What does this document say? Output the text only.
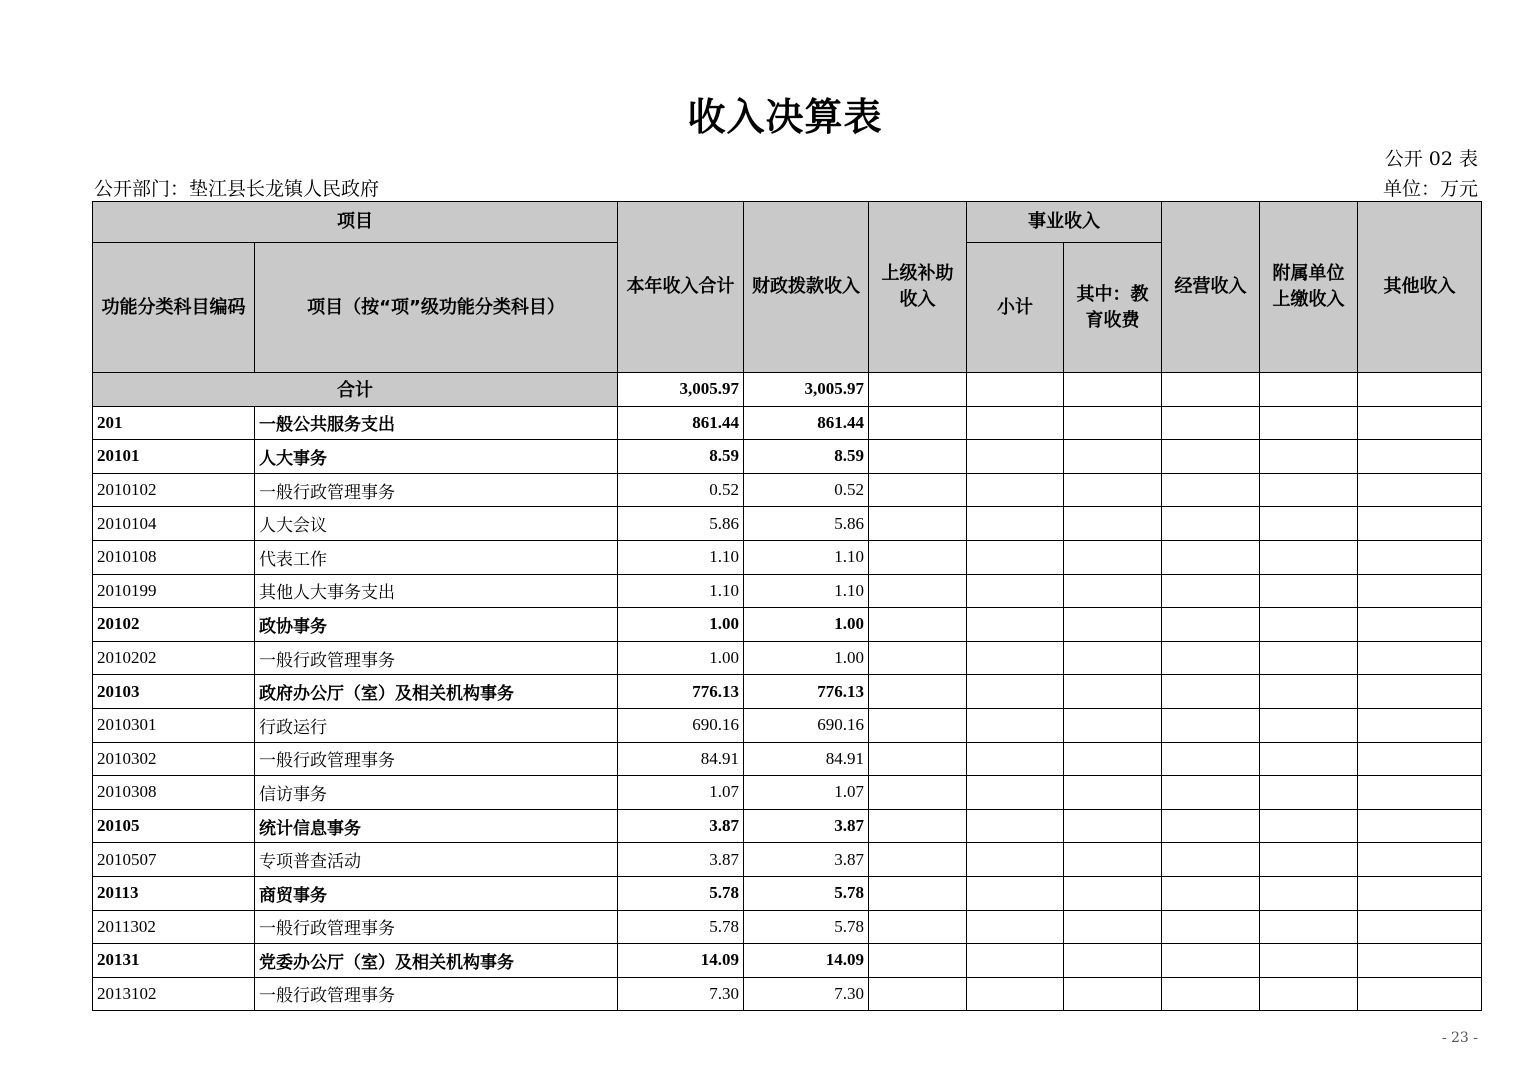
收入决算表
公开 02 表
公开部门：垫江县长龙镇人民政府	单位：万元
项目		本年收入合计	财政拨款收入	上级补助收入	事业收入		经营收入	附属单位上缴收入	其他收入
功能分类科目编码	项目（按“项”级功能分类科目）				小计	其中：教育收费			
合计		3,005.97	3,005.97						
201	一般公共服务支出	861.44	861.44						
20101	人大事务	8.59	8.59						
2010102	一般行政管理事务	0.52	0.52						
2010104	人大会议	5.86	5.86						
2010108	代表工作	1.10	1.10						
2010199	其他人大事务支出	1.10	1.10						
20102	政协事务	1.00	1.00						
2010202	一般行政管理事务	1.00	1.00						
20103	政府办公厅（室）及相关机构事务	776.13	776.13						
2010301	行政运行	690.16	690.16						
2010302	一般行政管理事务	84.91	84.91						
2010308	信访事务	1.07	1.07						
20105	统计信息事务	3.87	3.87						
2010507	专项普查活动	3.87	3.87						
20113	商贸事务	5.78	5.78						
2011302	一般行政管理事务	5.78	5.78						
20131	党委办公厅（室）及相关机构事务	14.09	14.09						
2013102	一般行政管理事务	7.30	7.30						
- 23 -
